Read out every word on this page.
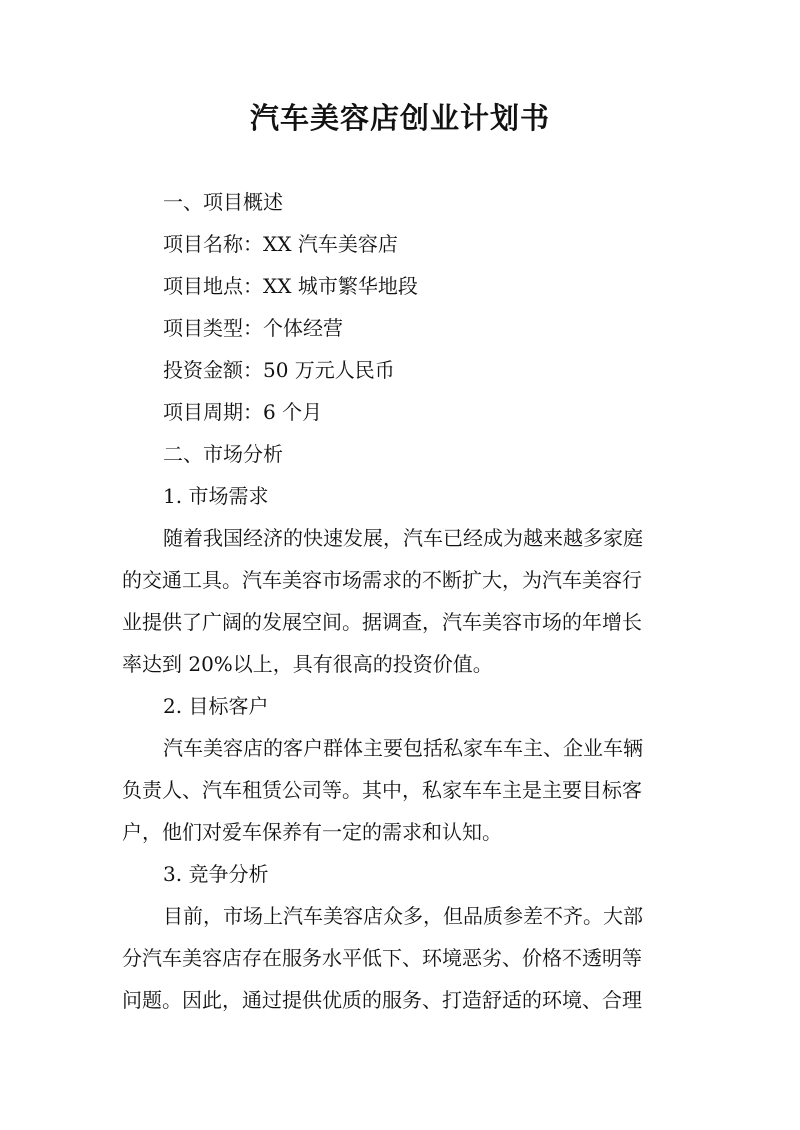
汽车美容店创业计划书

一、项目概述

项目名称：XX 汽车美容店

项目地点：XX 城市繁华地段

项目类型：个体经营

投资金额：50 万元人民币

项目周期：6 个月

二、市场分析

1. 市场需求

随着我国经济的快速发展，汽车已经成为越来越多家庭

的交通工具。汽车美容市场需求的不断扩大，为汽车美容行

业提供了广阔的发展空间。据调查，汽车美容市场的年增长

率达到 20%以上，具有很高的投资价值。

2. 目标客户

汽车美容店的客户群体主要包括私家车车主、企业车辆

负责人、汽车租赁公司等。其中，私家车车主是主要目标客

户，他们对爱车保养有一定的需求和认知。

3. 竞争分析

目前，市场上汽车美容店众多，但品质参差不齐。大部

分汽车美容店存在服务水平低下、环境恶劣、价格不透明等

问题。因此，通过提供优质的服务、打造舒适的环境、合理
